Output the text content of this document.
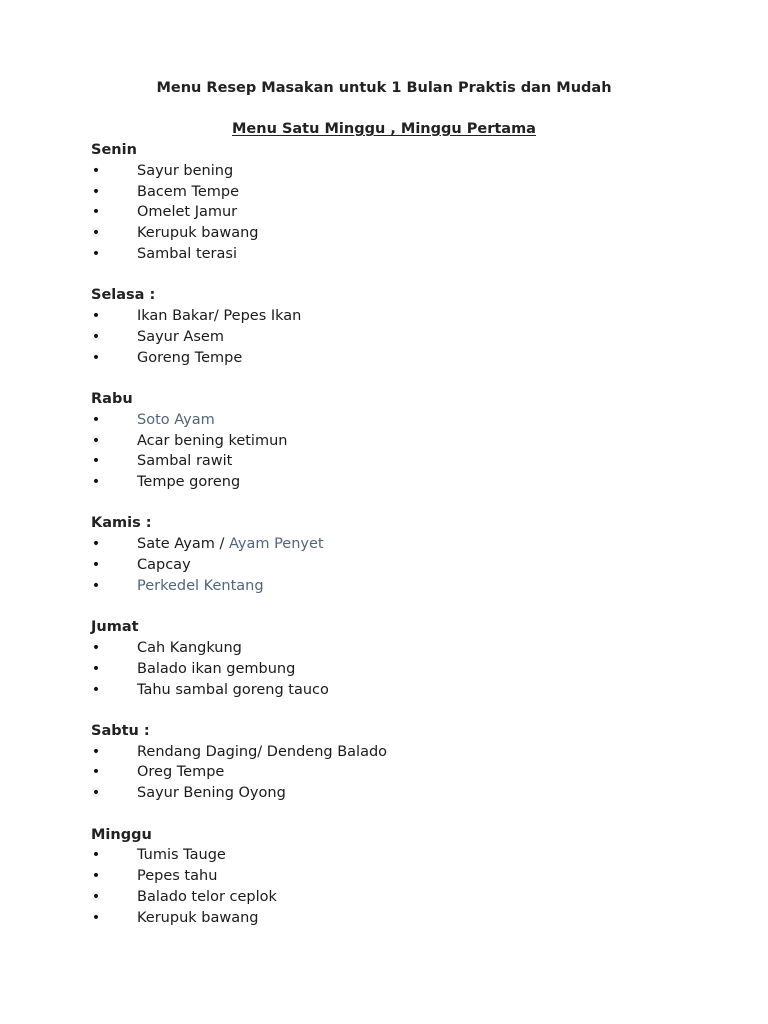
Menu Resep Masakan untuk 1 Bulan Praktis dan Mudah
Menu Satu Minggu , Minggu Pertama
Senin
•	Sayur bening
•	Bacem Tempe
•	Omelet Jamur
•	Kerupuk bawang
•	Sambal terasi
Selasa :
•	Ikan Bakar/ Pepes Ikan
•	Sayur Asem
•	Goreng Tempe
Rabu
•	Soto Ayam
•	Acar bening ketimun
•	Sambal rawit
•	Tempe goreng
Kamis :
•	Sate Ayam / Ayam Penyet
•	Capcay
•	Perkedel Kentang
Jumat
•	Cah Kangkung
•	Balado ikan gembung
•	Tahu sambal goreng tauco
Sabtu :
•	Rendang Daging/ Dendeng Balado
•	Oreg Tempe
•	Sayur Bening Oyong
Minggu
•	Tumis Tauge
•	Pepes tahu
•	Balado telor ceplok
•	Kerupuk bawang
